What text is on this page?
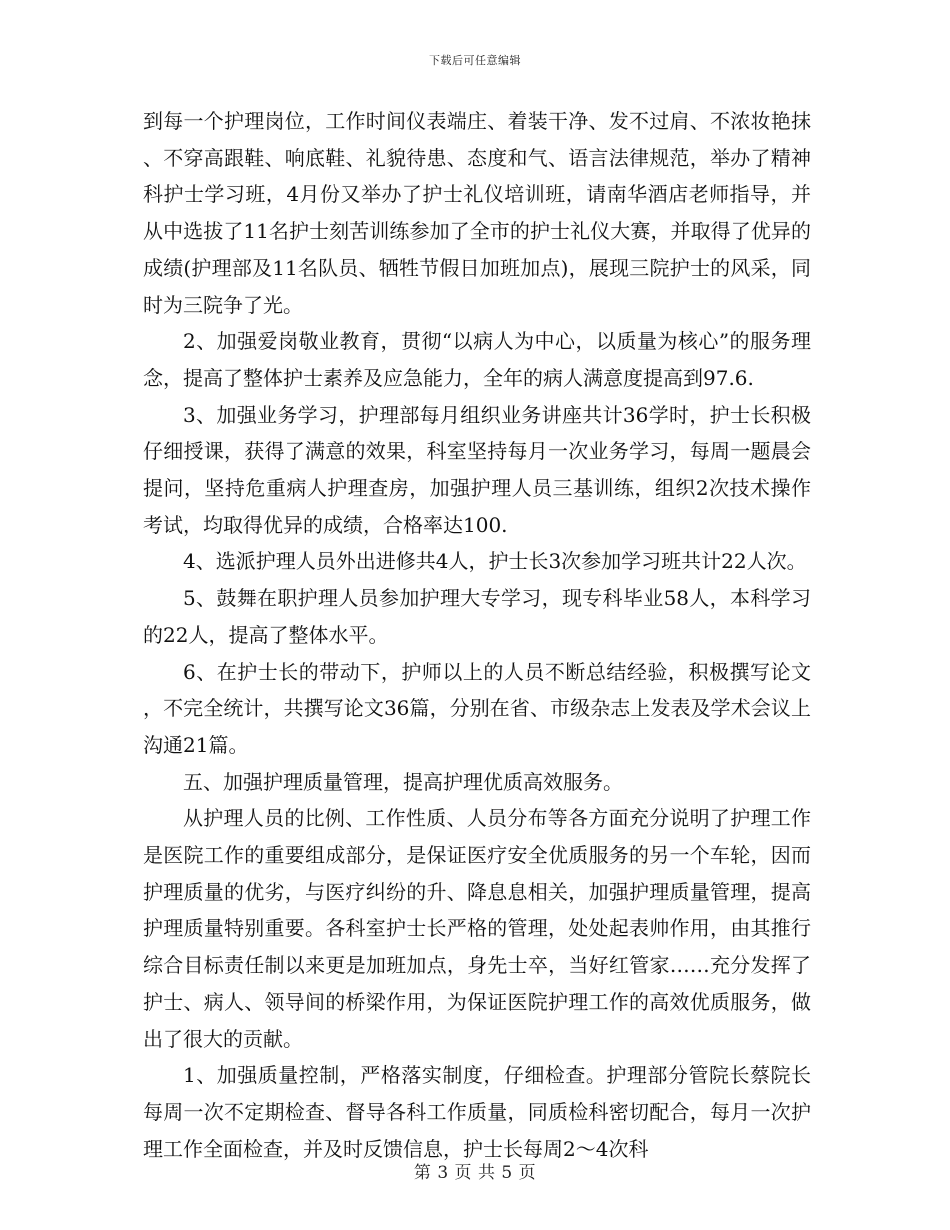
下载后可任意编辑

到每一个护理岗位，工作时间仪表端庄、着装干净、发不过肩、不浓妆艳抹、不穿高跟鞋、响底鞋、礼貌待患、态度和气、语言法律规范，举办了精神科护士学习班，4月份又举办了护士礼仪培训班，请南华酒店老师指导，并从中选拔了11名护士刻苦训练参加了全市的护士礼仪大赛，并取得了优异的成绩(护理部及11名队员、牺牲节假日加班加点)，展现三院护士的风采，同时为三院争了光。

2、加强爱岗敬业教育，贯彻“以病人为中心，以质量为核心”的服务理念，提高了整体护士素养及应急能力，全年的病人满意度提高到97.6.

3、加强业务学习，护理部每月组织业务讲座共计36学时，护士长积极仔细授课，获得了满意的效果，科室坚持每月一次业务学习，每周一题晨会提问，坚持危重病人护理查房，加强护理人员三基训练，组织2次技术操作考试，均取得优异的成绩，合格率达100.

4、选派护理人员外出进修共4人，护士长3次参加学习班共计22人次。

5、鼓舞在职护理人员参加护理大专学习，现专科毕业58人，本科学习的22人，提高了整体水平。

6、在护士长的带动下，护师以上的人员不断总结经验，积极撰写论文，不完全统计，共撰写论文36篇，分别在省、市级杂志上发表及学术会议上沟通21篇。

五、加强护理质量管理，提高护理优质高效服务。

从护理人员的比例、工作性质、人员分布等各方面充分说明了护理工作是医院工作的重要组成部分，是保证医疗安全优质服务的另一个车轮，因而护理质量的优劣，与医疗纠纷的升、降息息相关，加强护理质量管理，提高护理质量特别重要。各科室护士长严格的管理，处处起表帅作用，由其推行综合目标责任制以来更是加班加点，身先士卒，当好红管家……充分发挥了护士、病人、领导间的桥梁作用，为保证医院护理工作的高效优质服务，做出了很大的贡献。

1、加强质量控制，严格落实制度，仔细检查。护理部分管院长蔡院长每周一次不定期检查、督导各科工作质量，同质检科密切配合，每月一次护理工作全面检查，并及时反馈信息，护士长每周2～4次科

第 3 页 共 5 页
